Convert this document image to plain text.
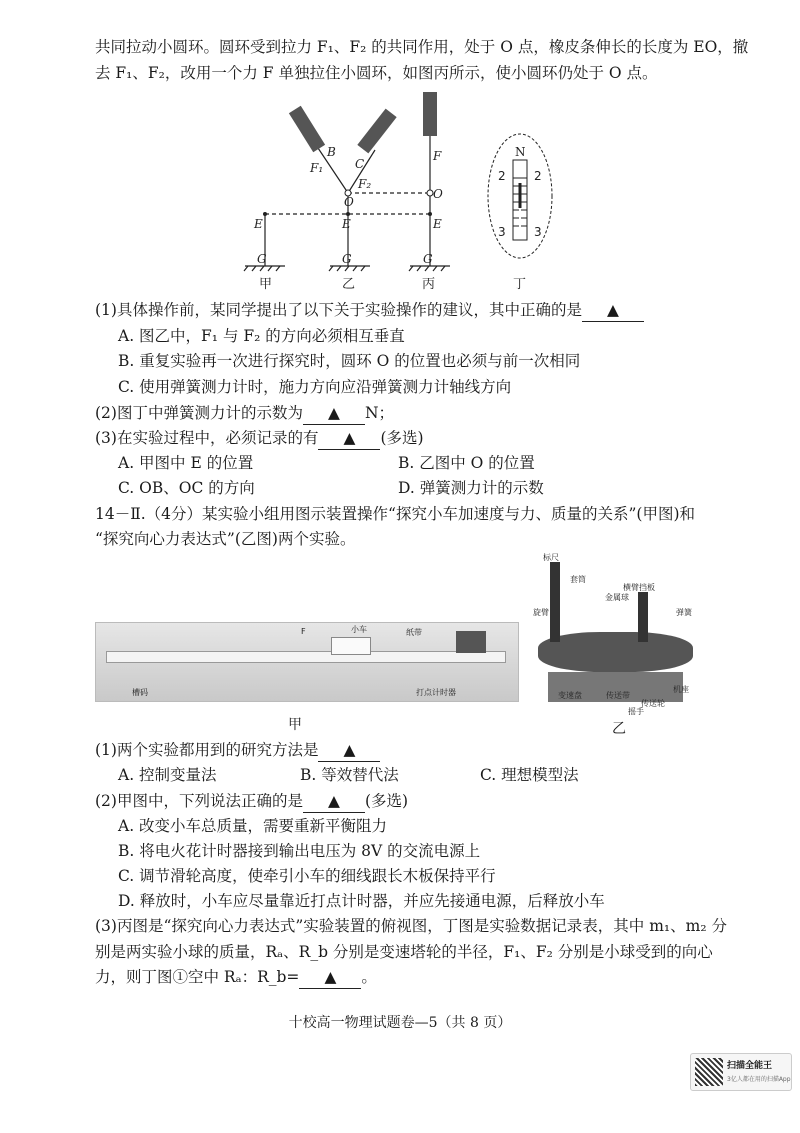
共同拉动小圆环。圆环受到拉力 F₁、F₂ 的共同作用，处于 O 点，橡皮条伸长的长度为 EO，撤
去 F₁、F₂，改用一个力 F 单独拉住小圆环，如图丙所示，使小圆环仍处于 O 点。
B
C
F₁
F₂
O
O
F
E	E	E
G	G	G
N
2 2
3 3
甲	乙	丙	丁
(1)具体操作前，某同学提出了以下关于实验操作的建议，其中正确的是 ▲
A. 图乙中，F₁ 与 F₂ 的方向必须相互垂直
B. 重复实验再一次进行探究时，圆环 O 的位置也必须与前一次相同
C. 使用弹簧测力计时，施力方向应沿弹簧测力计轴线方向
(2)图丁中弹簧测力计的示数为 ▲ N；
(3)在实验过程中，必须记录的有 ▲ (多选)
A. 甲图中 E 的位置	B. 乙图中 O 的位置
C. OB、OC 的方向	D. 弹簧测力计的示数
14－Ⅱ.（4分）某实验小组用图示装置操作“探究小车加速度与力、质量的关系”(甲图)和
“探究向心力表达式”(乙图)两个实验。
小车	纸带
打点计时器
槽码
F
甲
标尺
套筒
横臂挡板
金属球
旋臂	弹簧
变速盘	传送带
传送轮
机座
摇手
乙
(1)两个实验都用到的研究方法是 ▲
A. 控制变量法	B. 等效替代法	C. 理想模型法
(2)甲图中，下列说法正确的是 ▲ (多选)
A. 改变小车总质量，需要重新平衡阻力
B. 将电火花计时器接到输出电压为 8V 的交流电源上
C. 调节滑轮高度，使牵引小车的细线跟长木板保持平行
D. 释放时，小车应尽量靠近打点计时器，并应先接通电源，后释放小车
(3)丙图是“探究向心力表达式”实验装置的俯视图，丁图是实验数据记录表，其中 m₁、m₂ 分
别是两实验小球的质量，Rₐ、R_b 分别是变速塔轮的半径，F₁、F₂ 分别是小球受到的向心
力，则丁图①空中 Rₐ：R_b= ▲ 。
十校高一物理试题卷—5（共 8 页）
扫描全能王
3亿人都在用的扫描App
